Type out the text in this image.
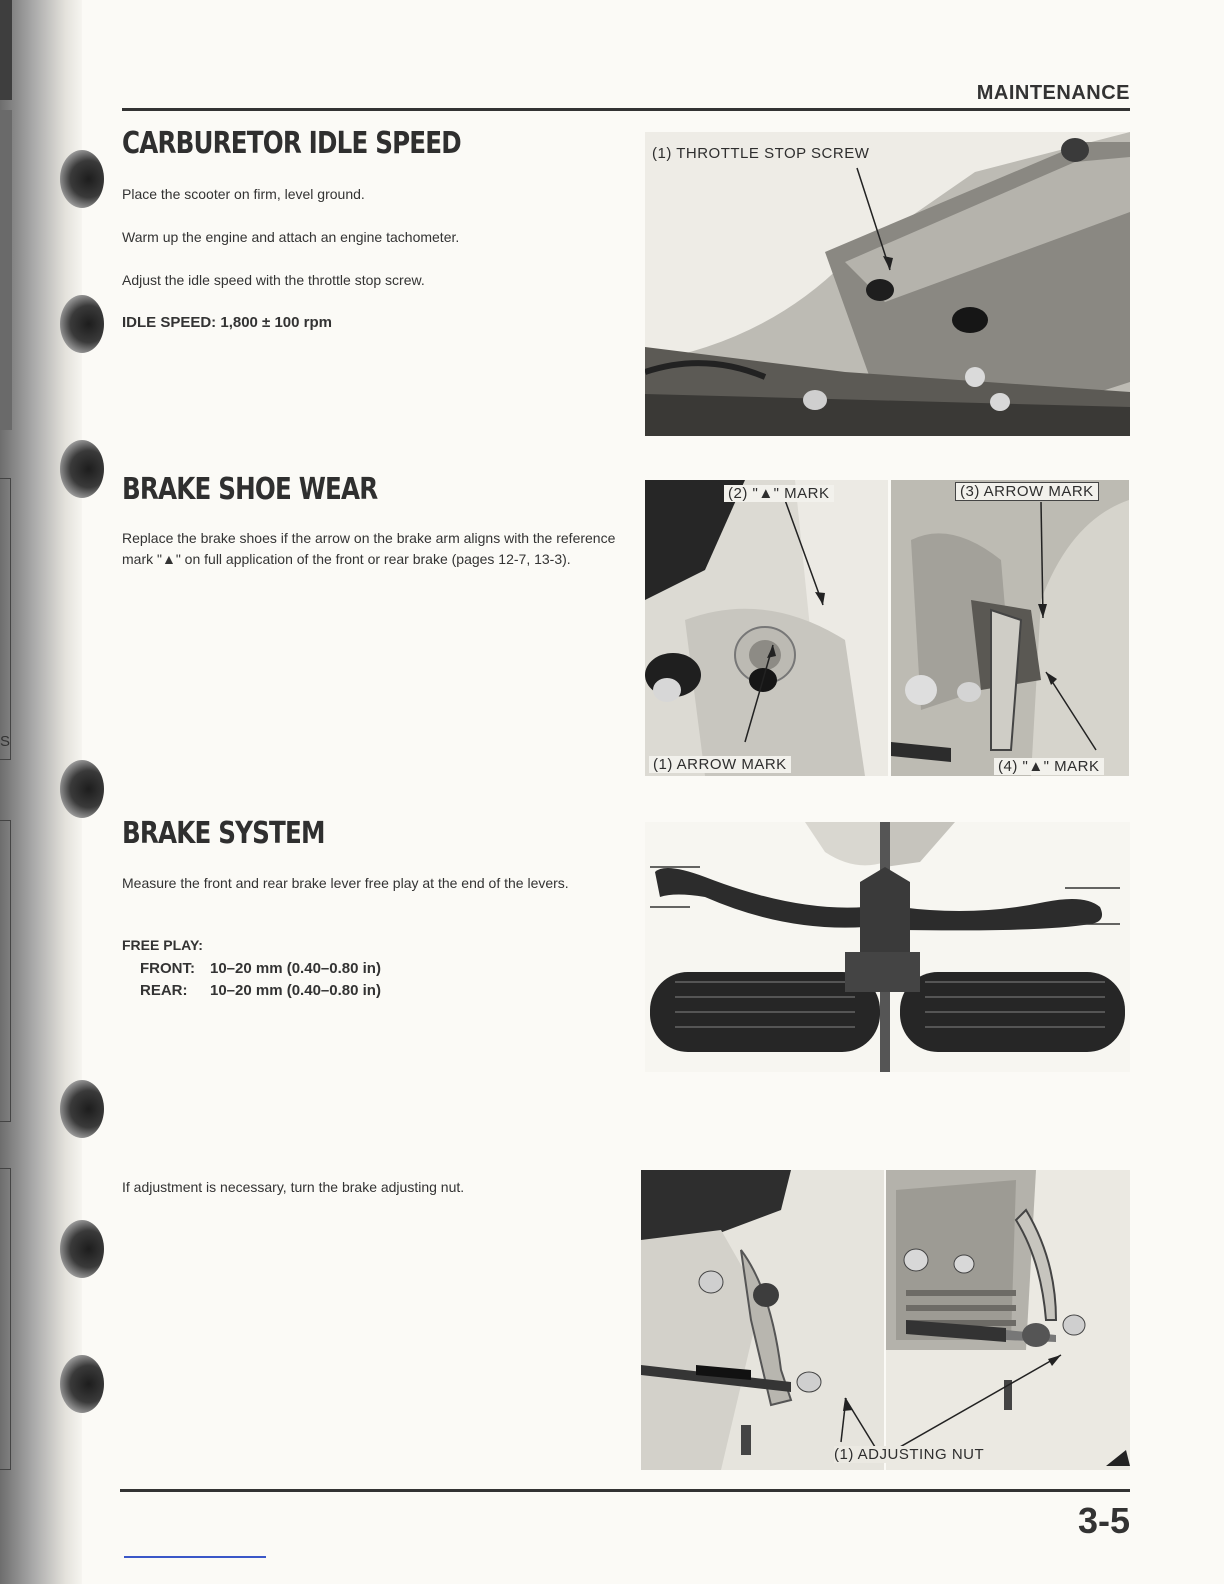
S
MAINTENANCE
CARBURETOR IDLE SPEED

Place the scooter on firm, level ground.

Warm up the engine and attach an engine tachometer.

Adjust the idle speed with the throttle stop screw.

IDLE SPEED: 1,800 ± 100 rpm

(1) THROTTLE STOP SCREW
BRAKE SHOE WEAR

Replace the brake shoes if the arrow on the brake arm aligns with the reference mark "▲" on full application of the front or rear brake (pages 12-7, 13-3).

(2) "▲" MARK
(1) ARROW MARK
(3) ARROW MARK
(4) "▲" MARK
BRAKE SYSTEM

Measure the front and rear brake lever free play at the end of the levers.

FREE PLAY:

FRONT: 10–20 mm (0.40–0.80 in)

REAR: 10–20 mm (0.40–0.80 in)

If adjustment is necessary, turn the brake adjusting nut.

(1) ADJUSTING NUT
3-5
